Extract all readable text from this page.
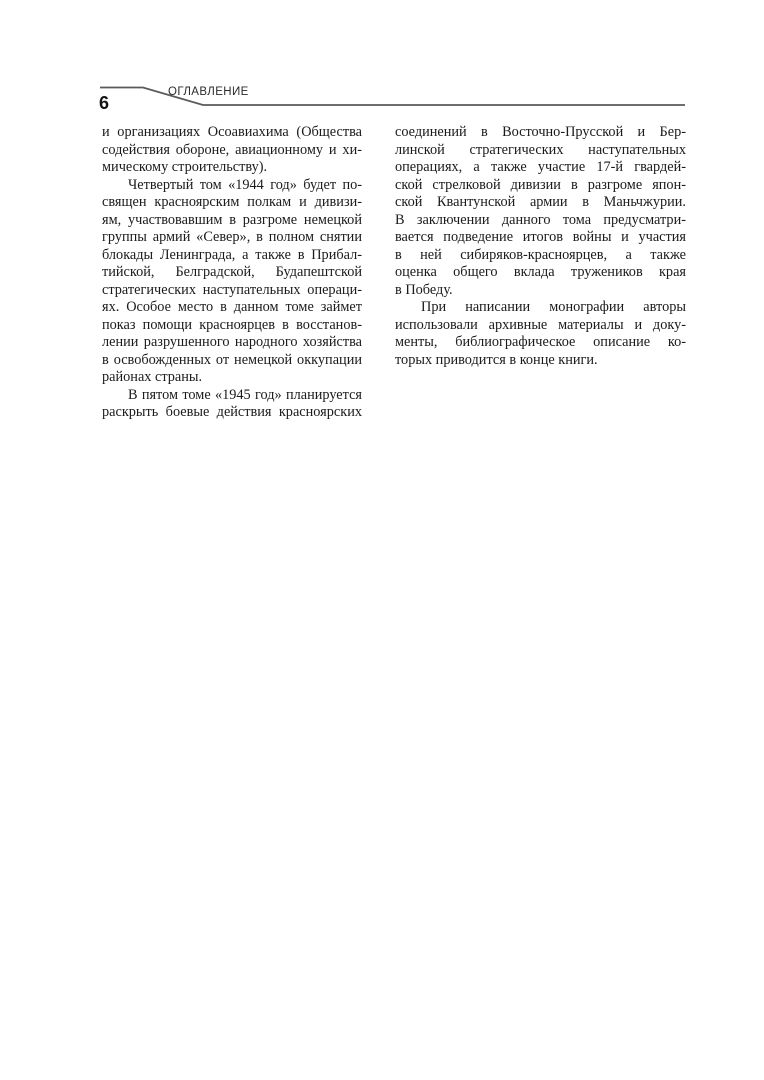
6
ОГЛАВЛЕНИЕ
и организациях Осоавиахима (Общества
содействия обороне, авиационному и хи-
мическому строительству).
Четвертый том «1944 год» будет по-
священ красноярским полкам и дивизи-
ям, участвовавшим в разгроме немецкой
группы армий «Север», в полном снятии
блокады Ленинграда, а также в Прибал-
тийской, Белградской, Будапештской
стратегических наступательных операци-
ях. Особое место в данном томе займет
показ помощи красноярцев в восстанов-
лении разрушенного народного хозяйства
в освобожденных от немецкой оккупации
районах страны.
В пятом томе «1945 год» планируется
раскрыть боевые действия красноярских
соединений в Восточно-Прусской и Бер-
линской стратегических наступательных
операциях, а также участие 17-й гвардей-
ской стрелковой дивизии в разгроме япон-
ской Квантунской армии в Маньчжурии.
В заключении данного тома предусматри-
вается подведение итогов войны и участия
в ней сибиряков-красноярцев, а также
оценка общего вклада тружеников края
в Победу.
При написании монографии авторы
использовали архивные материалы и доку-
менты, библиографическое описание ко-
торых приводится в конце книги.
